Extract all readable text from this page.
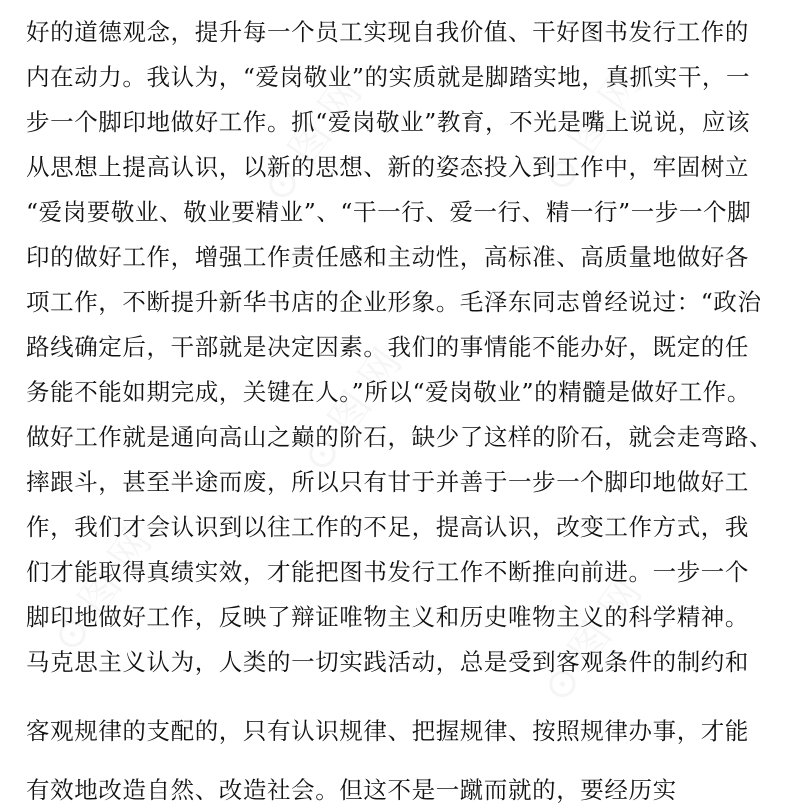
⊙ 图 网	⊙ 图 网
⊙ 图 网
⊙ 图 网	⊙ 图 网
好的道德观念，提升每一个员工实现自我价值、干好图书发行工作的
内在动力。我认为，“爱岗敬业”的实质就是脚踏实地，真抓实干，一
步一个脚印地做好工作。抓“爱岗敬业”教育，不光是嘴上说说，应该
从思想上提高认识，以新的思想、新的姿态投入到工作中，牢固树立
“爱岗要敬业、敬业要精业”、“干一行、爱一行、精一行”一步一个脚
印的做好工作，增强工作责任感和主动性，高标准、高质量地做好各
项工作，不断提升新华书店的企业形象。毛泽东同志曾经说过：“政治
路线确定后，干部就是决定因素。我们的事情能不能办好，既定的任
务能不能如期完成，关键在人。”所以“爱岗敬业”的精髓是做好工作。
做好工作就是通向高山之巅的阶石，缺少了这样的阶石，就会走弯路、
摔跟斗，甚至半途而废，所以只有甘于并善于一步一个脚印地做好工
作，我们才会认识到以往工作的不足，提高认识，改变工作方式，我
们才能取得真绩实效，才能把图书发行工作不断推向前进。一步一个
脚印地做好工作，反映了辩证唯物主义和历史唯物主义的科学精神。
马克思主义认为，人类的一切实践活动，总是受到客观条件的制约和
客观规律的支配的，只有认识规律、把握规律、按照规律办事，才能
有效地改造自然、改造社会。但这不是一蹴而就的，要经历实
